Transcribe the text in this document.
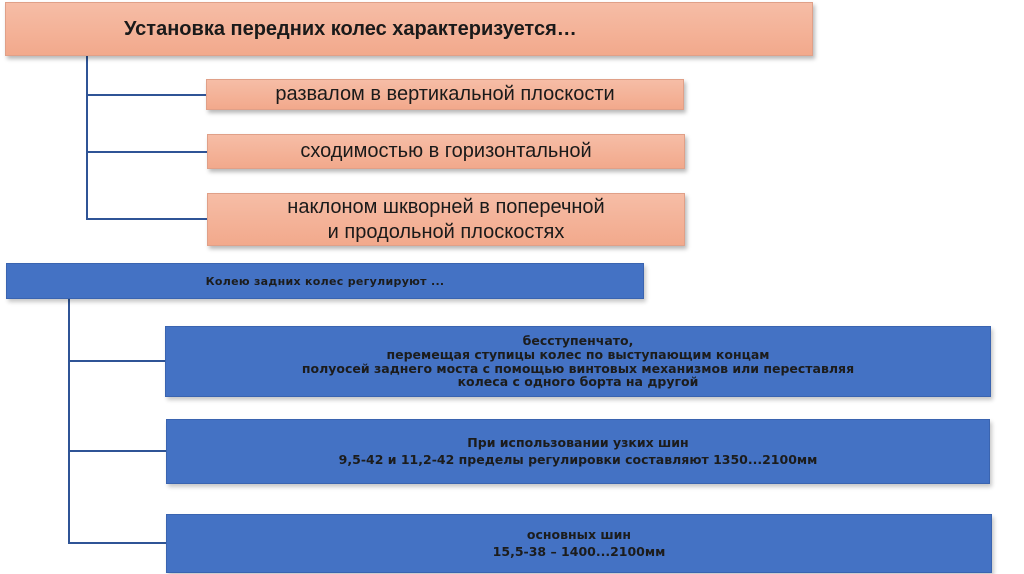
Установка передних колес характеризуется…
развалом в вертикальной плоскости
сходимостью в горизонтальной
наклоном шкворней в поперечной
и продольной плоскостях
Колею задних колес регулируют ...
бесступенчато,
перемещая ступицы колес по выступающим концам
полуосей заднего моста с помощью винтовых механизмов или переставляя
колеса с одного борта на другой
При использовании узких шин
9,5-42 и 11,2-42 пределы регулировки составляют 1350...2100мм
основных шин
15,5-38 – 1400...2100мм
